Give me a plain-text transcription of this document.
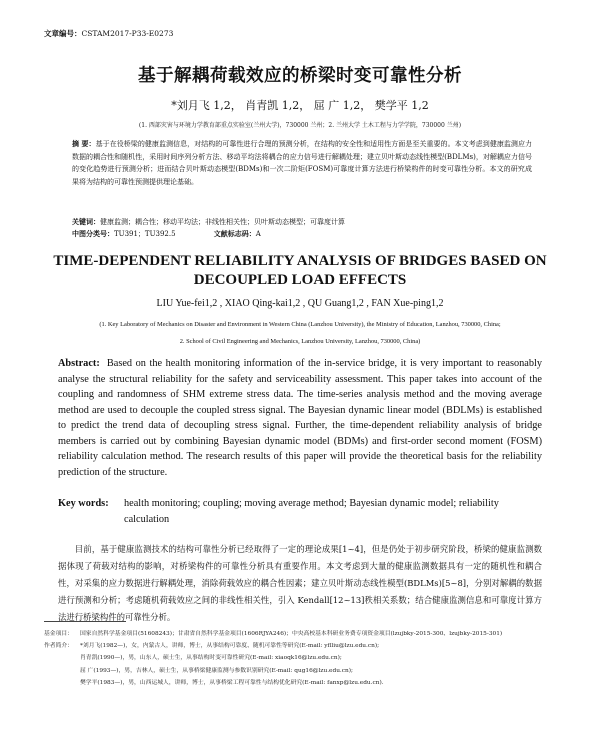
文章编号：CSTAM2017-P33-E0273
基于解耦荷载效应的桥梁时变可靠性分析
*刘月飞 1,2， 肖青凯 1,2， 屈 广 1,2， 樊学平 1,2
(1. 西部灾害与环境力学教育部重点实验室(兰州大学)，730000 兰州；2. 兰州大学 土木工程与力学学院，730000 兰州)
摘 要：基于在役桥梁的健康监测信息，对结构的可靠性进行合理的预测分析，在结构的安全性和适用性方面是至关重要的。本文考虑到健康监测应力数据的耦合性和随机性，采用时间序列分析方法、移动平均法将耦合的应力信号进行解耦处理；建立贝叶斯动态线性模型(BDLMs)，对解耦应力信号的变化趋势进行预测分析；进而结合贝叶斯动态模型(BDMs)和一次二阶矩(FOSM)可靠度计算方法进行桥梁构件的时变可靠性分析。本文的研究成果将为结构的可靠性预测提供理论基础。
关键词：健康监测；耦合性；移动平均法；非线性相关性；贝叶斯动态模型；可靠度计算
中图分类号：TU391；TU392.5	文献标志码：A
TIME-DEPENDENT RELIABILITY ANALYSIS OF BRIDGES BASED ON
DECOUPLED LOAD EFFECTS
LIU Yue-fei1,2 , XIAO Qing-kai1,2 , QU Guang1,2 , FAN Xue-ping1,2
(1. Key Laboratory of Mechanics on Disaster and Environment in Western China (Lanzhou University), the Ministry of Education, Lanzhou, 730000, China;
2. School of Civil Engineering and Mechanics, Lanzhou University, Lanzhou, 730000, China)
Abstract: Based on the health monitoring information of the in-service bridge, it is very important to reasonably analyse the structural reliability for the safety and serviceability assessment. This paper takes into account of the coupling and randomness of SHM extreme stress data. The time-series analysis method and the moving average method are used to decouple the coupled stress signal. The Bayesian dynamic linear model (BDLMs) is established to predict the trend data of decoupling stress signal. Further, the time-dependent reliability analysis of bridge members is carried out by combining Bayesian dynamic model (BDMs) and first-order second moment (FOSM) reliability calculation method. The research results of this paper will provide the theoretical basis for the reliability prediction of the structure.
Key words: health monitoring; coupling; moving average method; Bayesian dynamic model; reliability calculation

目前，基于健康监测技术的结构可靠性分析已经取得了一定的理论成果[1~4]，但是仍处于初步研究阶段，桥梁的健康监测数据体现了荷载对结构的影响，对桥梁构件的可靠性分析具有重要作用。本文考虑到大量的健康监测数据具有一定的随机性和耦合性，对采集的应力数据进行解耦处理，消除荷载效应的耦合性因素；建立贝叶斯动态线性模型(BDLMs)[5~8]，分别对解耦的数据进行预测和分析；考虑随机荷载效应之间的非线性相关性，引入 Kendall[12~13]秩相关系数；结合健康监测信息和可靠度计算方法进行桥梁构件的可靠性分析。

基金项目：	国家自然科学基金项目(51608243)；甘肃省自然科学基金项目(1606RJYA246)；中央高校基本科研业务费专项资金项目(lzujbky-2015-300、lzujbky-2015-301)
作者简介：	*刘月飞(1982—)，女，内蒙古人，讲师，博士，从事结构可靠度、随机可靠性等研究(E-mail: yflliu@lzu.edu.cn);
肖青凯(1990—)，男，山东人，硕士生，从事结构时变可靠性研究(E-mail: xiaoqk16@lzu.edu.cn);
屈 广(1993—)，男，吉林人，硕士生，从事桥梁健康监测与参数识别研究(E-mail: qug16@lzu.edu.cn);
樊学平(1983—)，男，山西运城人，讲师，博士，从事桥梁工程可靠性与结构优化研究(E-mail: fanxp@lzu.edu.cn).
